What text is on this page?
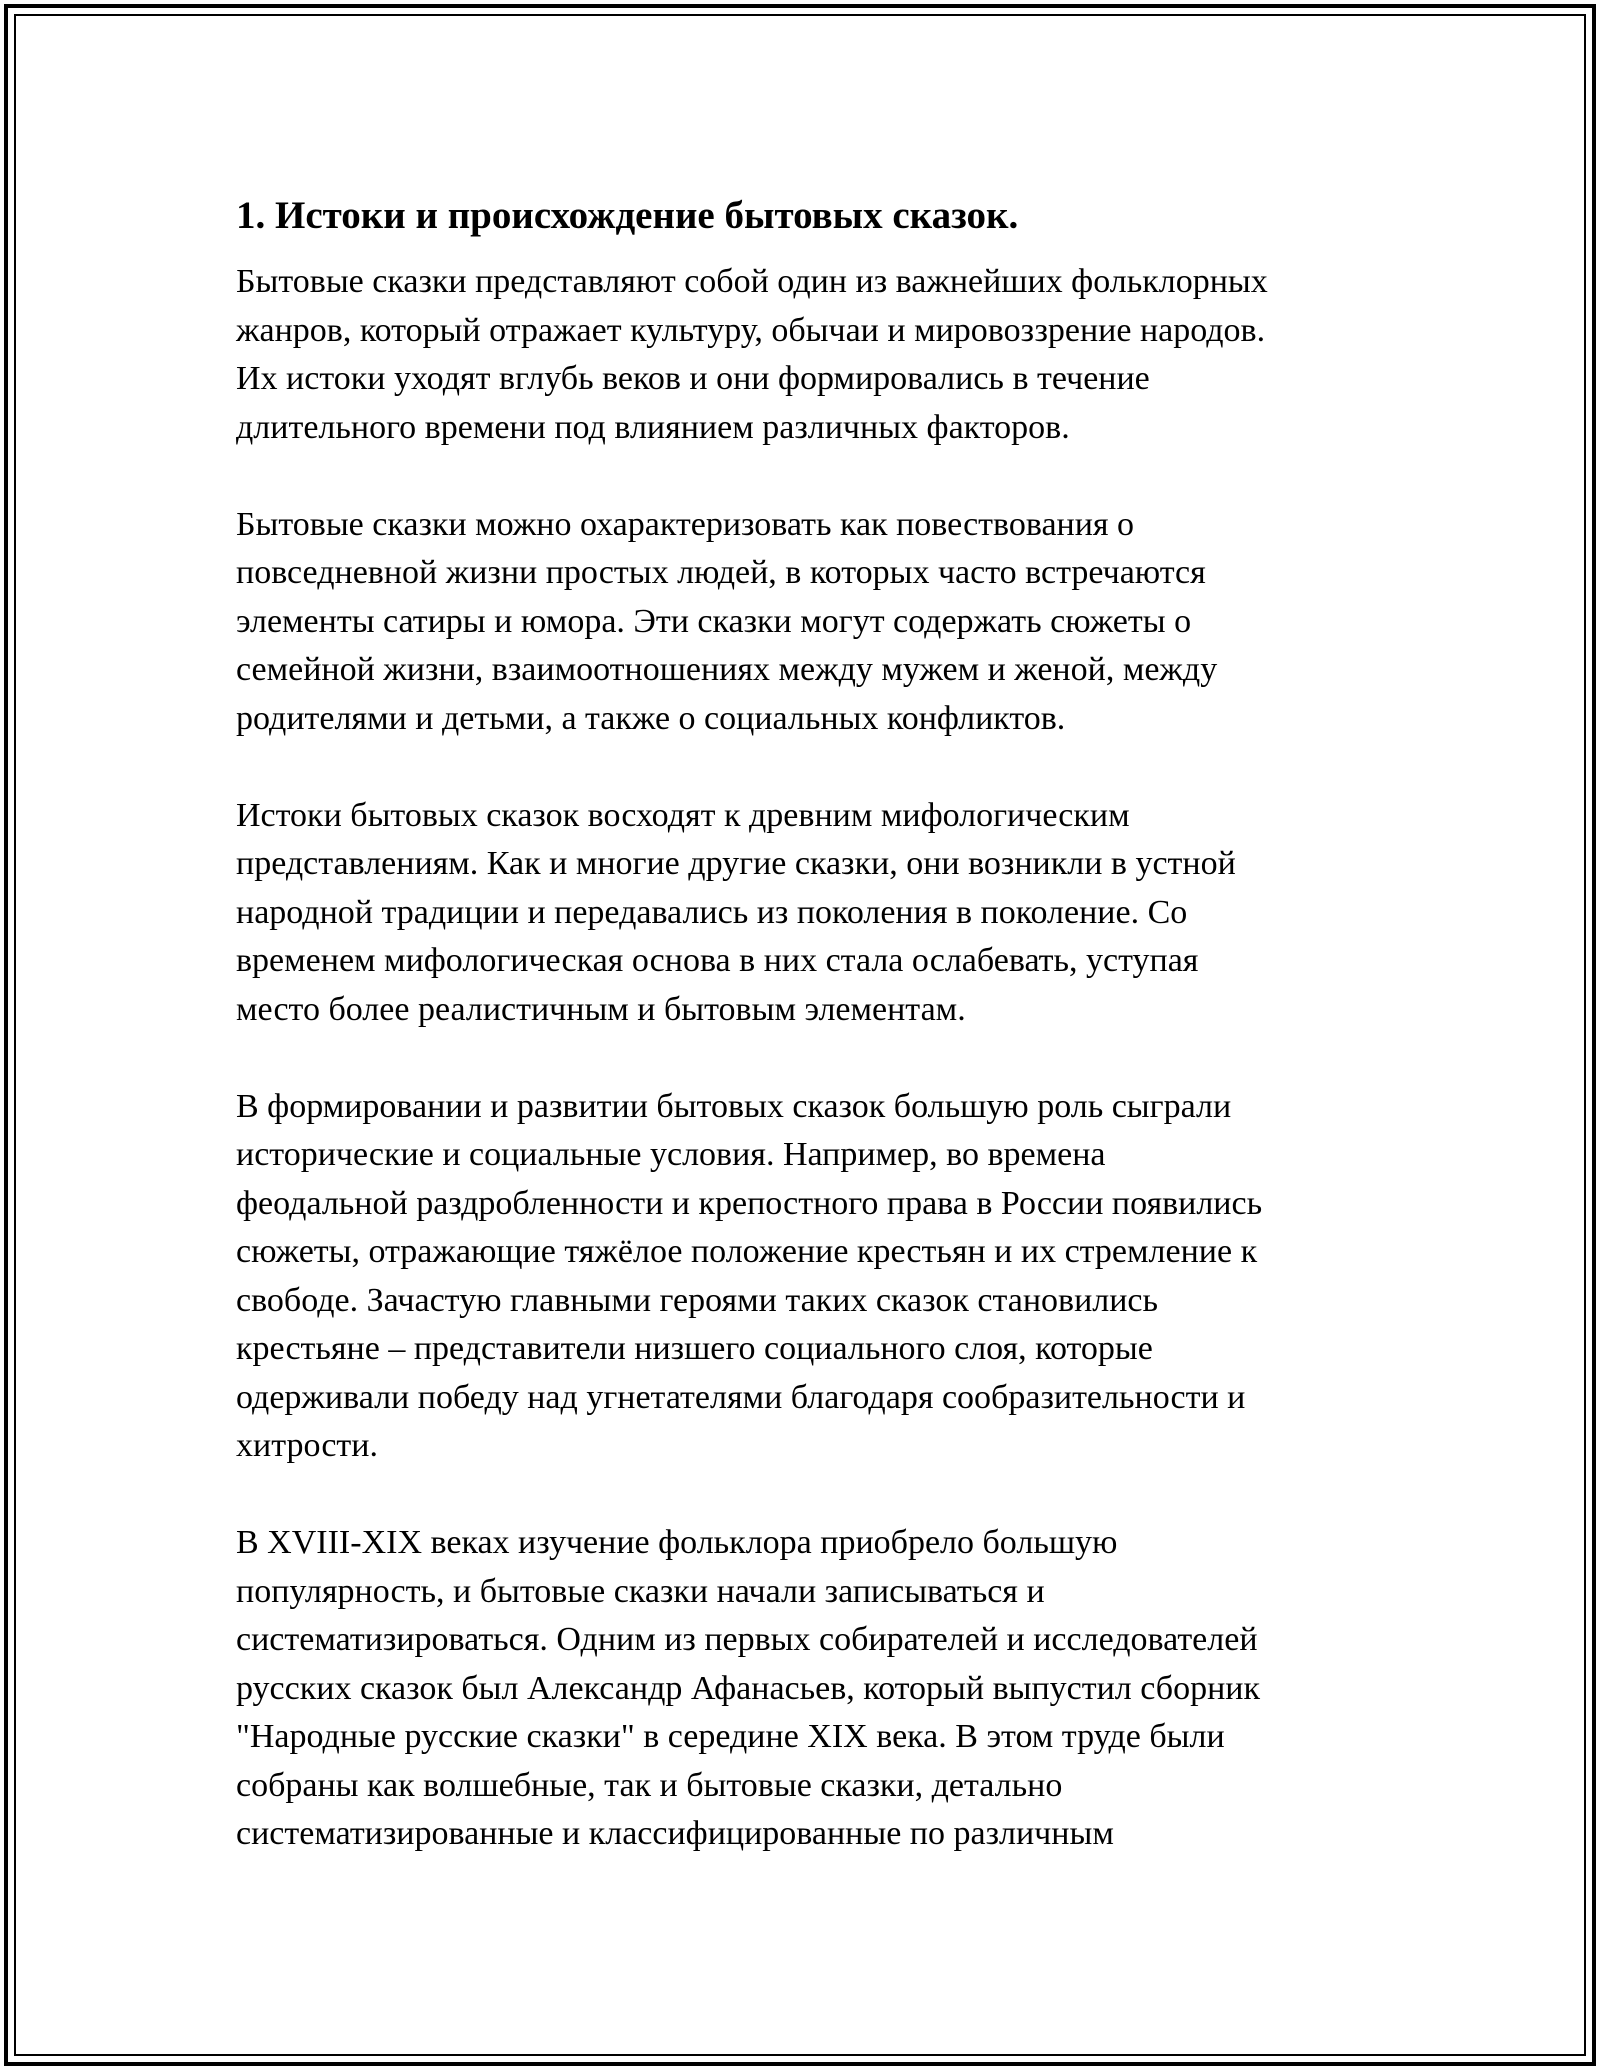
1. Истоки и происхождение бытовых сказок.

Бытовые сказки представляют собой один из важнейших фольклорных
жанров, который отражает культуру, обычаи и мировоззрение народов.
Их истоки уходят вглубь веков и они формировались в течение
длительного времени под влиянием различных факторов.

Бытовые сказки можно охарактеризовать как повествования о
повседневной жизни простых людей, в которых часто встречаются
элементы сатиры и юмора. Эти сказки могут содержать сюжеты о
семейной жизни, взаимоотношениях между мужем и женой, между
родителями и детьми, а также о социальных конфликтов.

Истоки бытовых сказок восходят к древним мифологическим
представлениям. Как и многие другие сказки, они возникли в устной
народной традиции и передавались из поколения в поколение. Со
временем мифологическая основа в них стала ослабевать, уступая
место более реалистичным и бытовым элементам.

В формировании и развитии бытовых сказок большую роль сыграли
исторические и социальные условия. Например, во времена
феодальной раздробленности и крепостного права в России появились
сюжеты, отражающие тяжёлое положение крестьян и их стремление к
свободе. Зачастую главными героями таких сказок становились
крестьяне – представители низшего социального слоя, которые
одерживали победу над угнетателями благодаря сообразительности и
хитрости.

В XVIII-XIX веках изучение фольклора приобрело большую
популярность, и бытовые сказки начали записываться и
систематизироваться. Одним из первых собирателей и исследователей
русских сказок был Александр Афанасьев, который выпустил сборник
"Народные русские сказки" в середине XIX века. В этом труде были
собраны как волшебные, так и бытовые сказки, детально
систематизированные и классифицированные по различным
